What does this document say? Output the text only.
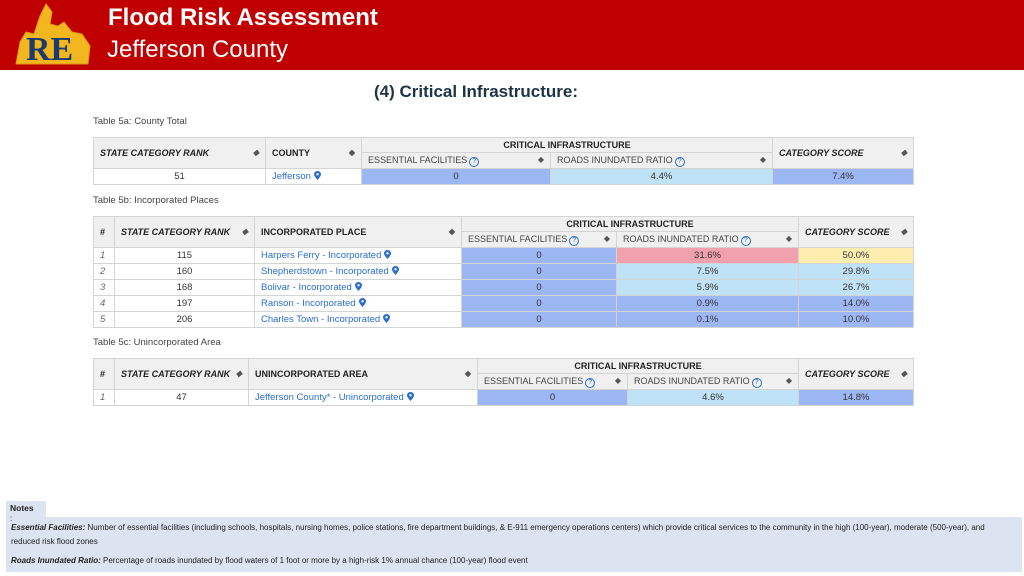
RE
Flood Risk Assessment
Jefferson County
(4) Critical Infrastructure:
Table 5a: County Total
STATE CATEGORY RANK ◆	COUNTY ◆	CRITICAL INFRASTRUCTURE		CATEGORY SCORE ◆

		ESSENTIAL FACILITIES ? ◆	ROADS INUNDATED RATIO ? ◆	

51	Jefferson	0	4.4%	7.4%
Table 5b: Incorporated Places
#	STATE CATEGORY RANK ◆	INCORPORATED PLACE ◆	CRITICAL INFRASTRUCTURE		CATEGORY SCORE ◆

			ESSENTIAL FACILITIES ? ◆	ROADS INUNDATED RATIO ? ◆	

1	115	Harpers Ferry - Incorporated	0	31.6%	50.0%
2	160	Shepherdstown - Incorporated	0	7.5%	29.8%
3	168	Bolivar - Incorporated	0	5.9%	26.7%
4	197	Ranson - Incorporated	0	0.9%	14.0%
5	206	Charles Town - Incorporated	0	0.1%	10.0%
Table 5c: Unincorporated Area
#	STATE CATEGORY RANK ◆	UNINCORPORATED AREA ◆	CRITICAL INFRASTRUCTURE		CATEGORY SCORE ◆

			ESSENTIAL FACILITIES ? ◆	ROADS INUNDATED RATIO ? ◆	

1	47	Jefferson County* - Unincorporated	0	4.6%	14.8%
Notes
:
Essential Facilities: Number of essential facilities (including schools, hospitals, nursing homes, police stations, fire department buildings, & E-911 emergency operations centers) which provide critical services to the community in the high (100-year), moderate (500-year), and reduced risk flood zones
Roads Inundated Ratio: Percentage of roads inundated by flood waters of 1 foot or more by a high-risk 1% annual chance (100-year) flood event
